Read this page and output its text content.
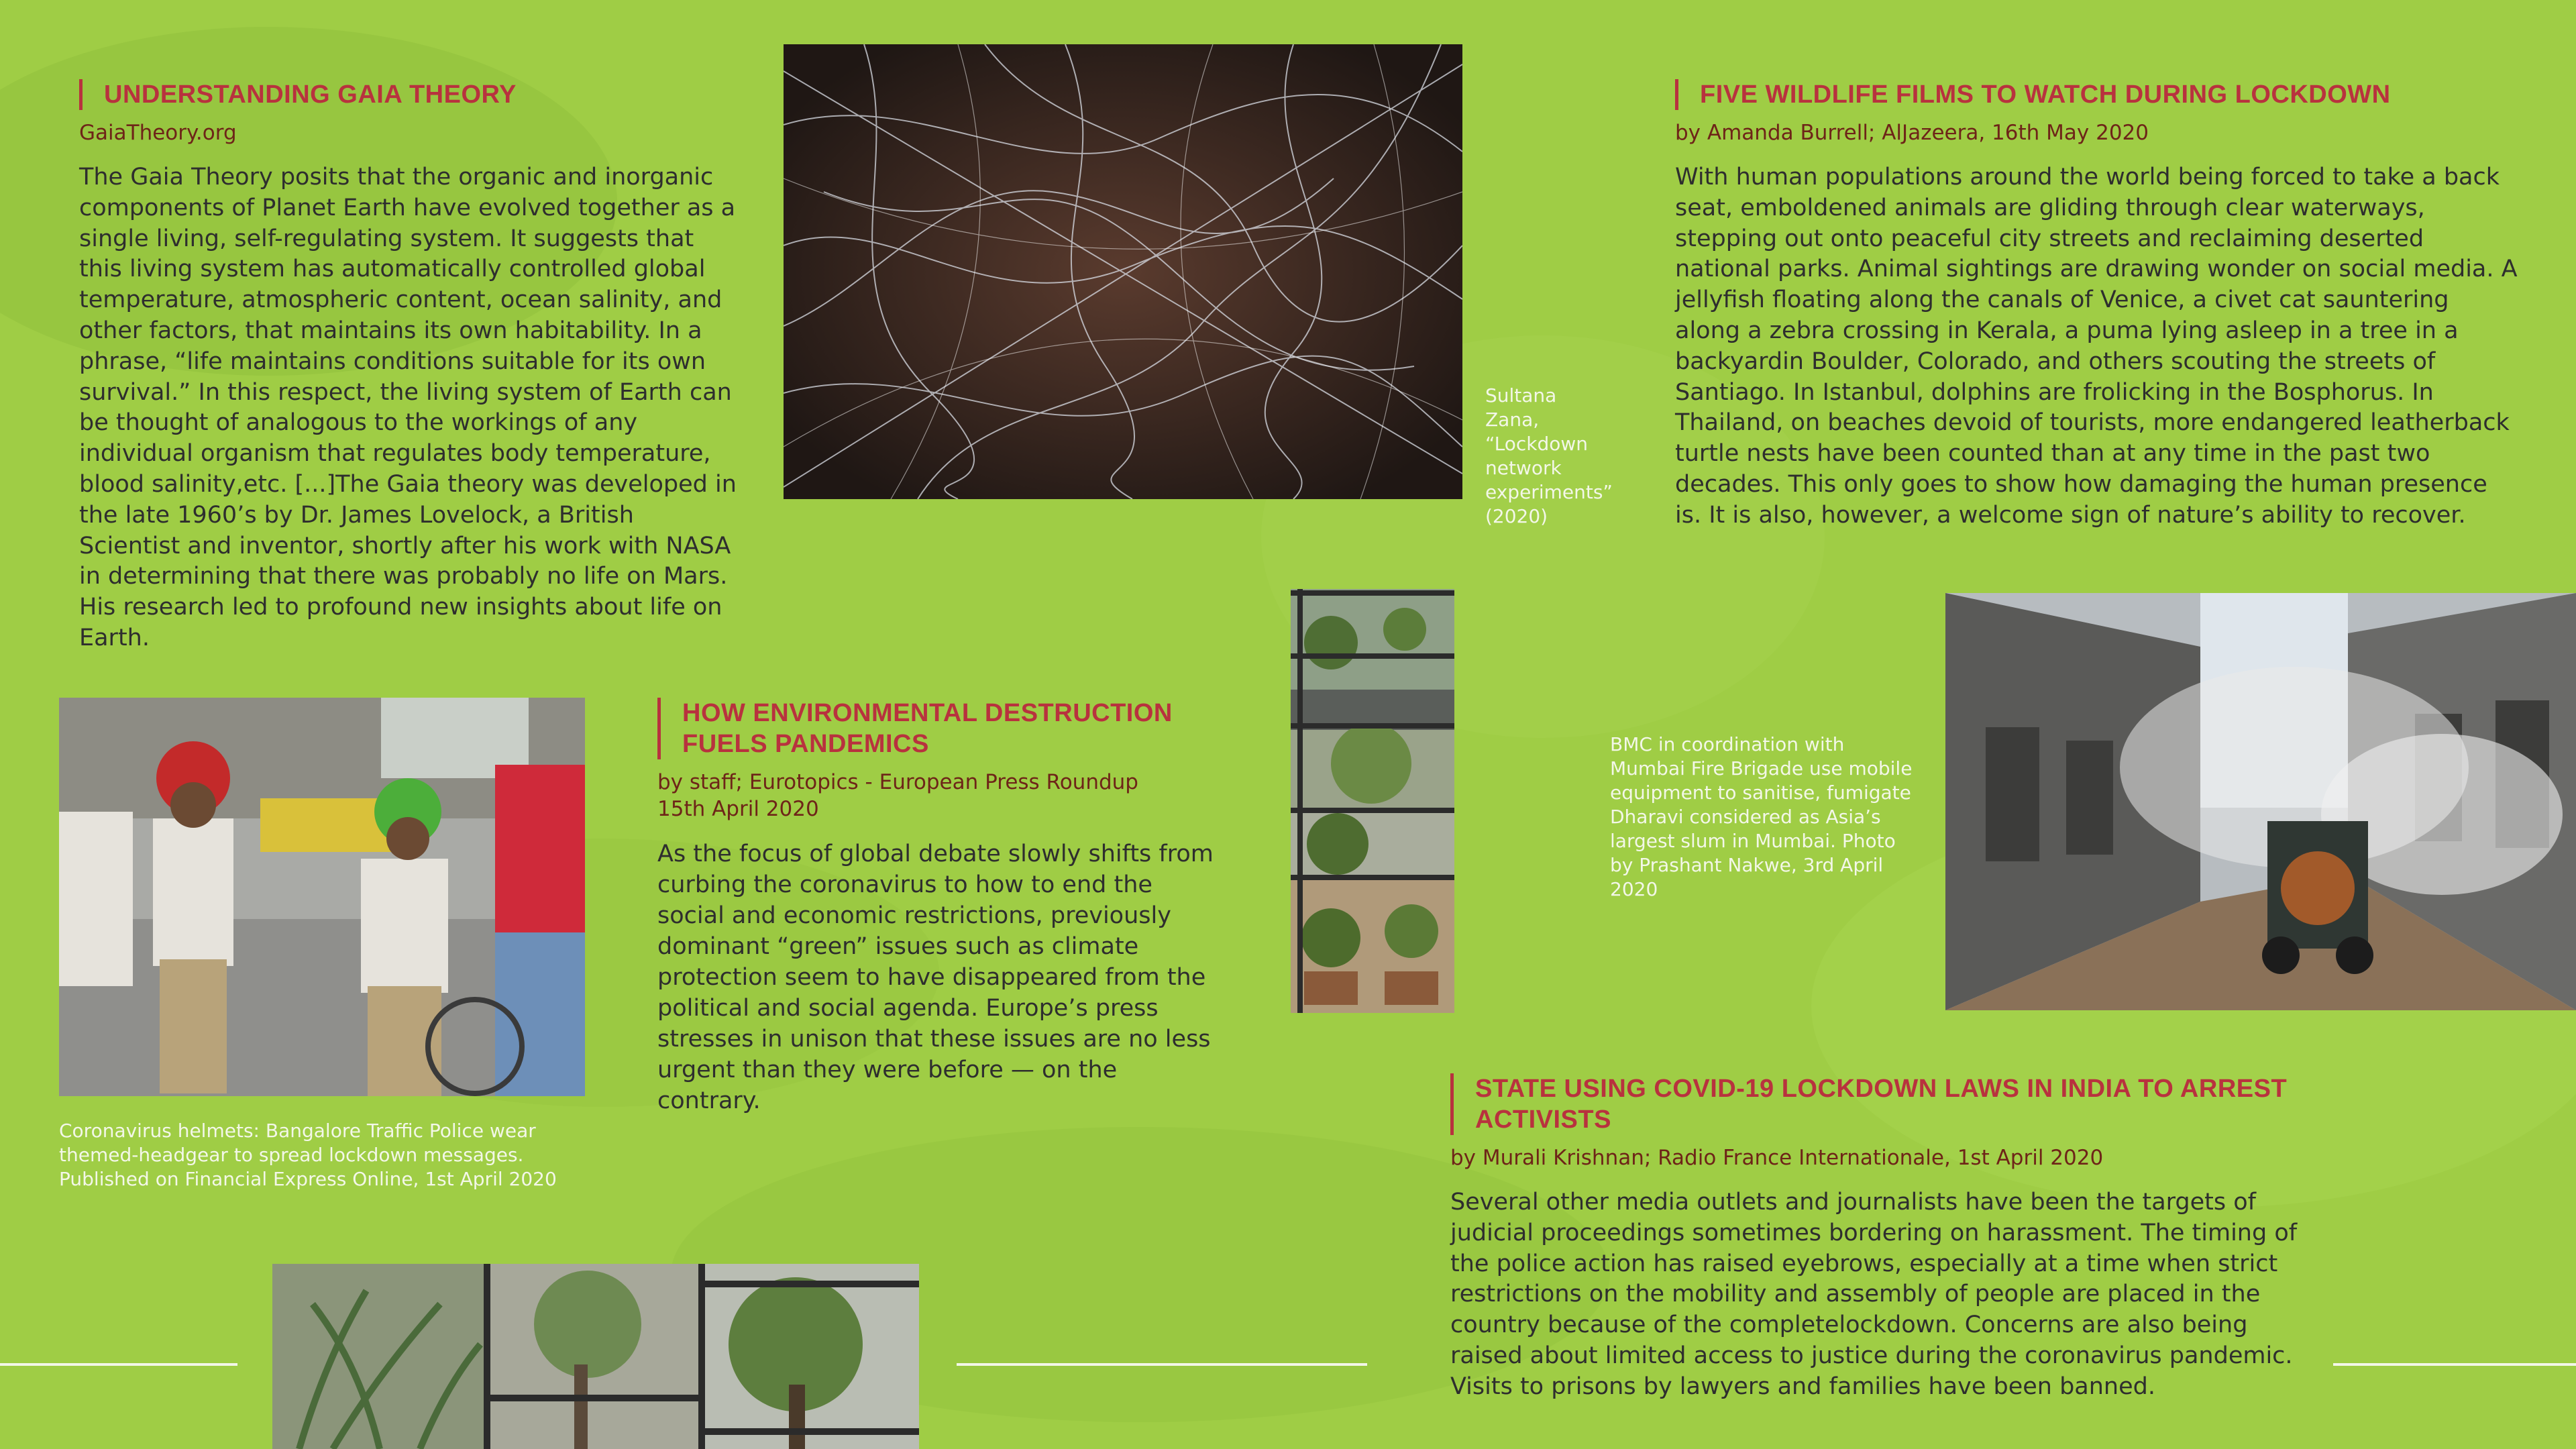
UNDERSTANDING GAIA THEORY

GaiaTheory.org

The Gaia Theory posits that the organic and inorganic components of Planet Earth have evolved together as a single living, self-regulating system. It suggests that this living system has automatically controlled global temperature, atmospheric content, ocean salinity, and other factors, that maintains its own habitability. In a phrase, “life maintains conditions suitable for its own survival.” In this respect, the living system of Earth can be thought of analogous to the workings of any individual organism that regulates body temperature, blood salinity,etc. [...]The Gaia theory was developed in the late 1960’s by Dr. James Lovelock, a British Scientist and inventor, shortly after his work with NASA in determining that there was probably no life on Mars. His research led to profound new insights about life on Earth.

Sultana Zana, “Lockdown network experiments” (2020)
FIVE WILDLIFE FILMS TO WATCH DURING LOCKDOWN

by Amanda Burrell; AlJazeera, 16th May 2020

With human populations around the world being forced to take a back seat, emboldened animals are gliding through clear waterways, stepping out onto peaceful city streets and reclaiming deserted national parks. Animal sightings are drawing wonder on social media. A jellyfish floating along the canals of Venice, a civet cat sauntering along a zebra crossing in Kerala, a puma lying asleep in a tree in a backyardin Boulder, Colorado, and others scouting the streets of Santiago. In Istanbul, dolphins are frolicking in the Bosphorus. In Thailand, on beaches devoid of tourists, more endangered leatherback turtle nests have been counted than at any time in the past two decades. This only goes to show how damaging the human presence is. It is also, however, a welcome sign of nature’s ability to recover.

BMC in coordination with Mumbai Fire Brigade use mobile equipment to sanitise, fumigate Dharavi considered as Asia’s largest slum in Mumbai. Photo by Prashant Nakwe, 3rd April 2020
Coronavirus helmets: Bangalore Traffic Police wear themed-headgear to spread lockdown messages. Published on Financial Express Online, 1st April 2020
HOW ENVIRONMENTAL DESTRUCTION
FUELS PANDEMICS

by staff; Eurotopics - European Press Roundup
15th April 2020

As the focus of global debate slowly shifts from curbing the coronavirus to how to end the social and economic restrictions, previously dominant “green” issues such as climate protection seem to have disappeared from the political and social agenda. Europe’s press stresses in unison that these issues are no less urgent than they were before — on the contrary.	STATE USING COVID-19 LOCKDOWN LAWS IN INDIA TO ARREST ACTIVISTS

by Murali Krishnan; Radio France Internationale, 1st April 2020

Several other media outlets and journalists have been the targets of judicial proceedings sometimes bordering on harassment. The timing of the police action has raised eyebrows, especially at a time when strict restrictions on the mobility and assembly of people are placed in the country because of the completelockdown. Concerns are also being raised about limited access to justice during the coronavirus pandemic. Visits to prisons by lawyers and families have been banned.
